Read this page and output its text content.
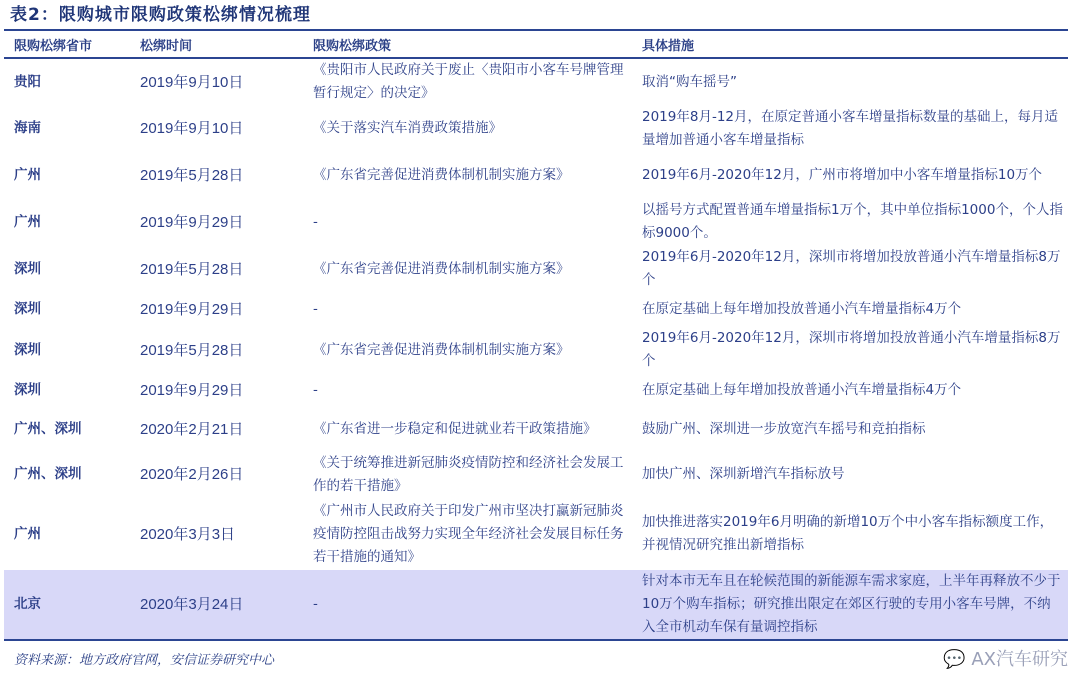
表2：限购城市限购政策松绑情况梳理
限购松绑省市	松绑时间	限购松绑政策	具体措施
贵阳	2019年9月10日	《贵阳市人民政府关于废止〈贵阳市小客车号牌管理暂行规定〉的决定》	取消“购车摇号”
海南	2019年9月10日	《关于落实汽车消费政策措施》	2019年8月-12月，在原定普通小客车增量指标数量的基础上，每月适量增加普通小客车增量指标
广州	2019年5月28日	《广东省完善促进消费体制机制实施方案》	2019年6月-2020年12月，广州市将增加中小客车增量指标10万个
广州	2019年9月29日	-	以摇号方式配置普通车增量指标1万个，其中单位指标1000个，个人指标9000个。
深圳	2019年5月28日	《广东省完善促进消费体制机制实施方案》	2019年6月-2020年12月，深圳市将增加投放普通小汽车增量指标8万个
深圳	2019年9月29日	-	在原定基础上每年增加投放普通小汽车增量指标4万个
深圳	2019年5月28日	《广东省完善促进消费体制机制实施方案》	2019年6月-2020年12月，深圳市将增加投放普通小汽车增量指标8万个
深圳	2019年9月29日	-	在原定基础上每年增加投放普通小汽车增量指标4万个
广州、深圳	2020年2月21日	《广东省进一步稳定和促进就业若干政策措施》	鼓励广州、深圳进一步放宽汽车摇号和竞拍指标
广州、深圳	2020年2月26日	《关于统筹推进新冠肺炎疫情防控和经济社会发展工作的若干措施》	加快广州、深圳新增汽车指标放号
广州	2020年3月3日	《广州市人民政府关于印发广州市坚决打赢新冠肺炎疫情防控阻击战努力实现全年经济社会发展目标任务若干措施的通知》	加快推进落实2019年6月明确的新增10万个中小客车指标额度工作，并视情况研究推出新增指标
北京	2020年3月24日	-	针对本市无车且在轮候范围的新能源车需求家庭，上半年再释放不少于10万个购车指标；研究推出限定在郊区行驶的专用小客车号牌，不纳入全市机动车保有量调控指标
资料来源：地方政府官网，安信证券研究中心	💬 AX汽车研究
